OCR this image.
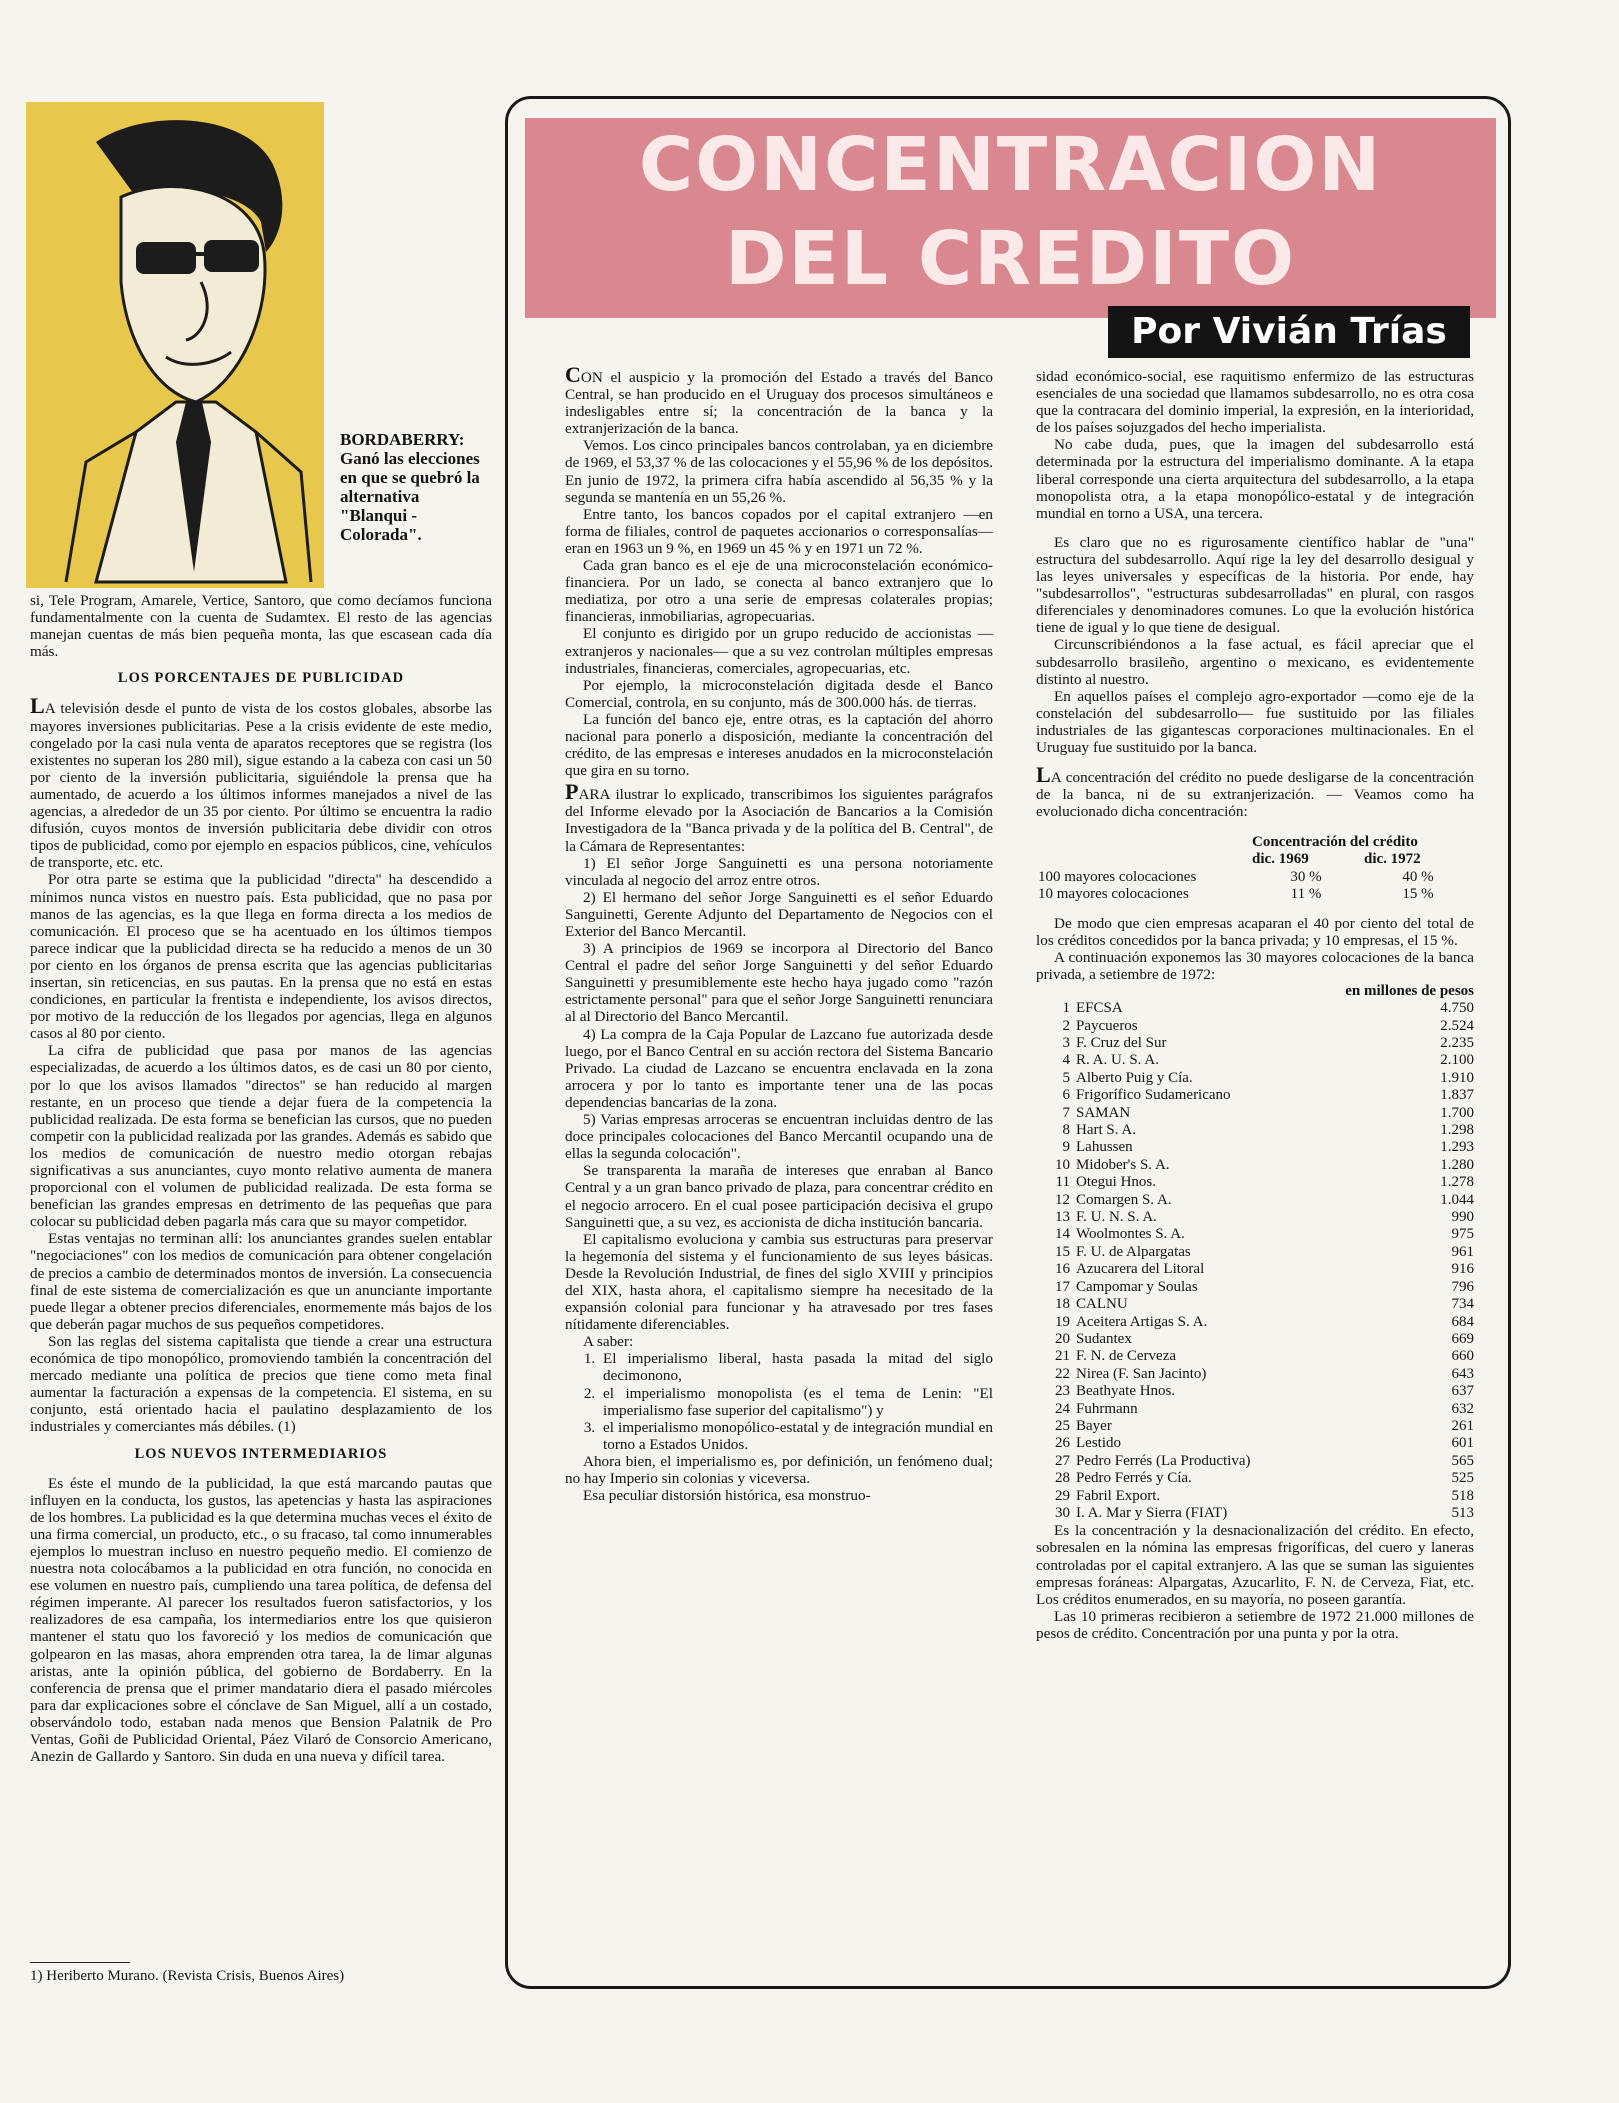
BORDABERRY: Ganó las elecciones en que se quebró la alternativa "Blanqui - Colorada".

si, Tele Program, Amarele, Vertice, Santoro, que como decíamos funciona fundamentalmente con la cuenta de Sudamtex. El resto de las agencias manejan cuentas de más bien pequeña monta, las que escasean cada día más.

LOS PORCENTAJES DE PUBLICIDAD

LA televisión desde el punto de vista de los costos globales, absorbe las mayores inversiones publicitarias. Pese a la crisis evidente de este medio, congelado por la casi nula venta de aparatos receptores que se registra (los existentes no superan los 280 mil), sigue estando a la cabeza con casi un 50 por ciento de la inversión publicitaria, siguiéndole la prensa que ha aumentado, de acuerdo a los últimos informes manejados a nivel de las agencias, a alrededor de un 35 por ciento. Por último se encuentra la radio difusión, cuyos montos de inversión publicitaria debe dividir con otros tipos de publicidad, como por ejemplo en espacios públicos, cine, vehículos de transporte, etc. etc.

Por otra parte se estima que la publicidad "directa" ha descendido a mínimos nunca vistos en nuestro país. Esta publicidad, que no pasa por manos de las agencias, es la que llega en forma directa a los medios de comunicación. El proceso que se ha acentuado en los últimos tiempos parece indicar que la publicidad directa se ha reducido a menos de un 30 por ciento en los órganos de prensa escrita que las agencias publicitarias insertan, sin reticencias, en sus pautas. En la prensa que no está en estas condiciones, en particular la frentista e independiente, los avisos directos, por motivo de la reducción de los llegados por agencias, llega en algunos casos al 80 por ciento.

La cifra de publicidad que pasa por manos de las agencias especializadas, de acuerdo a los últimos datos, es de casi un 80 por ciento, por lo que los avisos llamados "directos" se han reducido al margen restante, en un proceso que tiende a dejar fuera de la competencia la publicidad realizada. De esta forma se benefician las cursos, que no pueden competir con la publicidad realizada por las grandes. Además es sabido que los medios de comunicación de nuestro medio otorgan rebajas significativas a sus anunciantes, cuyo monto relativo aumenta de manera proporcional con el volumen de publicidad realizada. De esta forma se benefician las grandes empresas en detrimento de las pequeñas que para colocar su publicidad deben pagarla más cara que su mayor competidor.

Estas ventajas no terminan allí: los anunciantes grandes suelen entablar "negociaciones" con los medios de comunicación para obtener congelación de precios a cambio de determinados montos de inversión. La consecuencia final de este sistema de comercialización es que un anunciante importante puede llegar a obtener precios diferenciales, enormemente más bajos de los que deberán pagar muchos de sus pequeños competidores.

Son las reglas del sistema capitalista que tiende a crear una estructura económica de tipo monopólico, promoviendo también la concentración del mercado mediante una política de precios que tiene como meta final aumentar la facturación a expensas de la competencia. El sistema, en su conjunto, está orientado hacia el paulatino desplazamiento de los industriales y comerciantes más débiles. (1)

LOS NUEVOS INTERMEDIARIOS

Es éste el mundo de la publicidad, la que está marcando pautas que influyen en la conducta, los gustos, las apetencias y hasta las aspiraciones de los hombres. La publicidad es la que determina muchas veces el éxito de una firma comercial, un producto, etc., o su fracaso, tal como innumerables ejemplos lo muestran incluso en nuestro pequeño medio. El comienzo de nuestra nota colocábamos a la publicidad en otra función, no conocida en ese volumen en nuestro país, cumpliendo una tarea política, de defensa del régimen imperante. Al parecer los resultados fueron satisfactorios, y los realizadores de esa campaña, los intermediarios entre los que quisieron mantener el statu quo los favoreció y los medios de comunicación que golpearon en las masas, ahora emprenden otra tarea, la de limar algunas aristas, ante la opinión pública, del gobierno de Bordaberry. En la conferencia de prensa que el primer mandatario diera el pasado miércoles para dar explicaciones sobre el cónclave de San Miguel, allí a un costado, observándolo todo, estaban nada menos que Bension Palatnik de Pro Ventas, Goñi de Publicidad Oriental, Páez Vilaró de Consorcio Americano, Anezin de Gallardo y Santoro. Sin duda en una nueva y difícil tarea.

1) Heriberto Murano. (Revista Crisis, Buenos Aires)
CONCENTRACION
DEL CREDITO
Por Vivián Trías

CON el auspicio y la promoción del Estado a través del Banco Central, se han producido en el Uruguay dos procesos simultáneos e indesligables entre sí; la concentración de la banca y la extranjerización de la banca.

Vemos. Los cinco principales bancos controlaban, ya en diciembre de 1969, el 53,37 % de las colocaciones y el 55,96 % de los depósitos. En junio de 1972, la primera cifra había ascendido al 56,35 % y la segunda se mantenía en un 55,26 %.

Entre tanto, los bancos copados por el capital extranjero —en forma de filiales, control de paquetes accionarios o corresponsalías— eran en 1963 un 9 %, en 1969 un 45 % y en 1971 un 72 %.

Cada gran banco es el eje de una microconstelación económico-financiera. Por un lado, se conecta al banco extranjero que lo mediatiza, por otro a una serie de empresas colaterales propias; financieras, inmobiliarias, agropecuarias.

El conjunto es dirigido por un grupo reducido de accionistas —extranjeros y nacionales— que a su vez controlan múltiples empresas industriales, financieras, comerciales, agropecuarias, etc.

Por ejemplo, la microconstelación digitada desde el Banco Comercial, controla, en su conjunto, más de 300.000 hás. de tierras.

La función del banco eje, entre otras, es la captación del ahorro nacional para ponerlo a disposición, mediante la concentración del crédito, de las empresas e intereses anudados en la microconstelación que gira en su torno.

PARA ilustrar lo explicado, transcribimos los siguientes parágrafos del Informe elevado por la Asociación de Bancarios a la Comisión Investigadora de la "Banca privada y de la política del B. Central", de la Cámara de Representantes:

1) El señor Jorge Sanguinetti es una persona notoriamente vinculada al negocio del arroz entre otros.

2) El hermano del señor Jorge Sanguinetti es el señor Eduardo Sanguinetti, Gerente Adjunto del Departamento de Negocios con el Exterior del Banco Mercantil.

3) A principios de 1969 se incorpora al Directorio del Banco Central el padre del señor Jorge Sanguinetti y del señor Eduardo Sanguinetti y presumiblemente este hecho haya jugado como "razón estrictamente personal" para que el señor Jorge Sanguinetti renunciara al al Directorio del Banco Mercantil.

4) La compra de la Caja Popular de Lazcano fue autorizada desde luego, por el Banco Central en su acción rectora del Sistema Bancario Privado. La ciudad de Lazcano se encuentra enclavada en la zona arrocera y por lo tanto es importante tener una de las pocas dependencias bancarias de la zona.

5) Varias empresas arroceras se encuentran incluidas dentro de las doce principales colocaciones del Banco Mercantil ocupando una de ellas la segunda colocación".

Se transparenta la maraña de intereses que enraban al Banco Central y a un gran banco privado de plaza, para concentrar crédito en el negocio arrocero. En el cual posee participación decisiva el grupo Sanguinetti que, a su vez, es accionista de dicha institución bancaria.

El capitalismo evoluciona y cambia sus estructuras para preservar la hegemonía del sistema y el funcionamiento de sus leyes básicas. Desde la Revolución Industrial, de fines del siglo XVIII y principios del XIX, hasta ahora, el capitalismo siempre ha necesitado de la expansión colonial para funcionar y ha atravesado por tres fases nítidamente diferenciables.

A saber:

1. El imperialismo liberal, hasta pasada la mitad del siglo decimonono,
2. el imperialismo monopolista (es el tema de Lenin: "El imperialismo fase superior del capitalismo") y
3. el imperialismo monopólico-estatal y de integración mundial en torno a Estados Unidos.

Ahora bien, el imperialismo es, por definición, un fenómeno dual; no hay Imperio sin colonias y viceversa.

Esa peculiar distorsión histórica, esa monstruo-

sidad económico-social, ese raquitismo enfermizo de las estructuras esenciales de una sociedad que llamamos subdesarrollo, no es otra cosa que la contracara del dominio imperial, la expresión, en la interioridad, de los países sojuzgados del hecho imperialista.

No cabe duda, pues, que la imagen del subdesarrollo está determinada por la estructura del imperialismo dominante. A la etapa liberal corresponde una cierta arquitectura del subdesarrollo, a la etapa monopolista otra, a la etapa monopólico-estatal y de integración mundial en torno a USA, una tercera.

Es claro que no es rigurosamente científico hablar de "una" estructura del subdesarrollo. Aquí rige la ley del desarrollo desigual y las leyes universales y específicas de la historia. Por ende, hay "subdesarrollos", "estructuras subdesarrolladas" en plural, con rasgos diferenciales y denominadores comunes. Lo que la evolución histórica tiene de igual y lo que tiene de desigual.

Circunscribiéndonos a la fase actual, es fácil apreciar que el subdesarrollo brasileño, argentino o mexicano, es evidentemente distinto al nuestro.

En aquellos países el complejo agro-exportador —como eje de la constelación del subdesarrollo— fue sustituido por las filiales industriales de las gigantescas corporaciones multinacionales. En el Uruguay fue sustituido por la banca.

LA concentración del crédito no puede desligarse de la concentración de la banca, ni de su extranjerización. — Veamos como ha evolucionado dicha concentración:

	Concentración del crédito	
	dic. 1969	dic. 1972
100 mayores colocaciones	30 %	40 %
10 mayores colocaciones	11 %	15 %

De modo que cien empresas acaparan el 40 por ciento del total de los créditos concedidos por la banca privada; y 10 empresas, el 15 %.

A continuación exponemos las 30 mayores colocaciones de la banca privada, a setiembre de 1972:

en millones de pesos
1	EFCSA	4.750
2	Paycueros	2.524
3	F. Cruz del Sur	2.235
4	R. A. U. S. A.	2.100
5	Alberto Puig y Cía.	1.910
6	Frigorífico Sudamericano	1.837
7	SAMAN	1.700
8	Hart S. A.	1.298
9	Lahussen	1.293
10	Midober's S. A.	1.280
11	Otegui Hnos.	1.278
12	Comargen S. A.	1.044
13	F. U. N. S. A.	990
14	Woolmontes S. A.	975
15	F. U. de Alpargatas	961
16	Azucarera del Litoral	916
17	Campomar y Soulas	796
18	CALNU	734
19	Aceitera Artigas S. A.	684
20	Sudantex	669
21	F. N. de Cerveza	660
22	Nirea (F. San Jacinto)	643
23	Beathyate Hnos.	637
24	Fuhrmann	632
25	Bayer	261
26	Lestido	601
27	Pedro Ferrés (La Productiva)	565
28	Pedro Ferrés y Cía.	525
29	Fabril Export.	518
30	I. A. Mar y Sierra (FIAT)	513

Es la concentración y la desnacionalización del crédito. En efecto, sobresalen en la nómina las empresas frigoríficas, del cuero y laneras controladas por el capital extranjero. A las que se suman las siguientes empresas foráneas: Alpargatas, Azucarlito, F. N. de Cerveza, Fiat, etc. Los créditos enumerados, en su mayoría, no poseen garantía.

Las 10 primeras recibieron a setiembre de 1972 21.000 millones de pesos de crédito. Concentración por una punta y por la otra.
